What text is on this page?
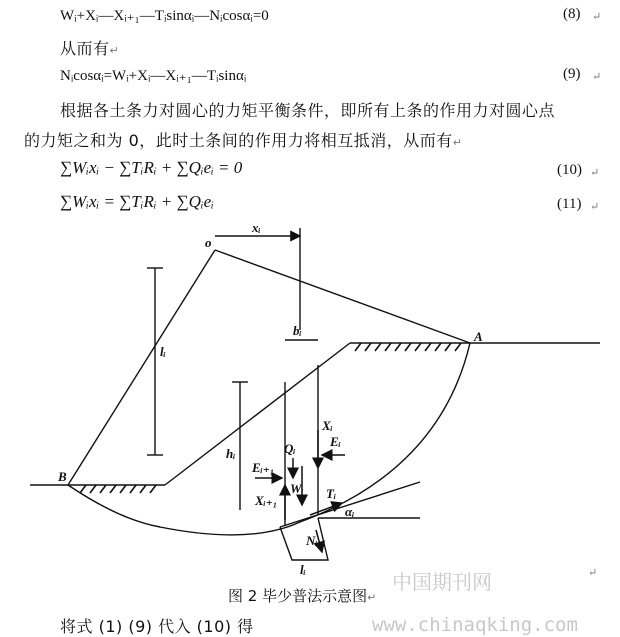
Wᵢ+Xᵢ—Xᵢ₊₁—Tᵢsinαᵢ—Nᵢcosαᵢ=0	(8) ↵
从而有↵
Nᵢcosαᵢ=Wᵢ+Xᵢ—Xᵢ₊₁—Tᵢsinαᵢ	(9) ↵
根据各土条力对圆心的力矩平衡条件，即所有上条的作用力对圆心点
的力矩之和为 0，此时土条间的作用力将相互抵消，从而有↵
∑Wᵢxᵢ − ∑TᵢRᵢ + ∑Qᵢeᵢ = 0	(10) ↵
∑Wᵢxᵢ = ∑TᵢRᵢ + ∑Qᵢeᵢ	(11) ↵
o
A
B
xᵢ
bᵢ
lᵢ
hᵢ	Qᵢ
Wᵢ
Xᵢ
Eᵢ
Eᵢ₊₁
Xᵢ₊₁	Tᵢ
αᵢ
Nᵢ
lᵢ
图 2 毕少普法示意图↵
↵
中国期刊网
www.chinaqking.com
将式 (1) (9) 代入 (10) 得
